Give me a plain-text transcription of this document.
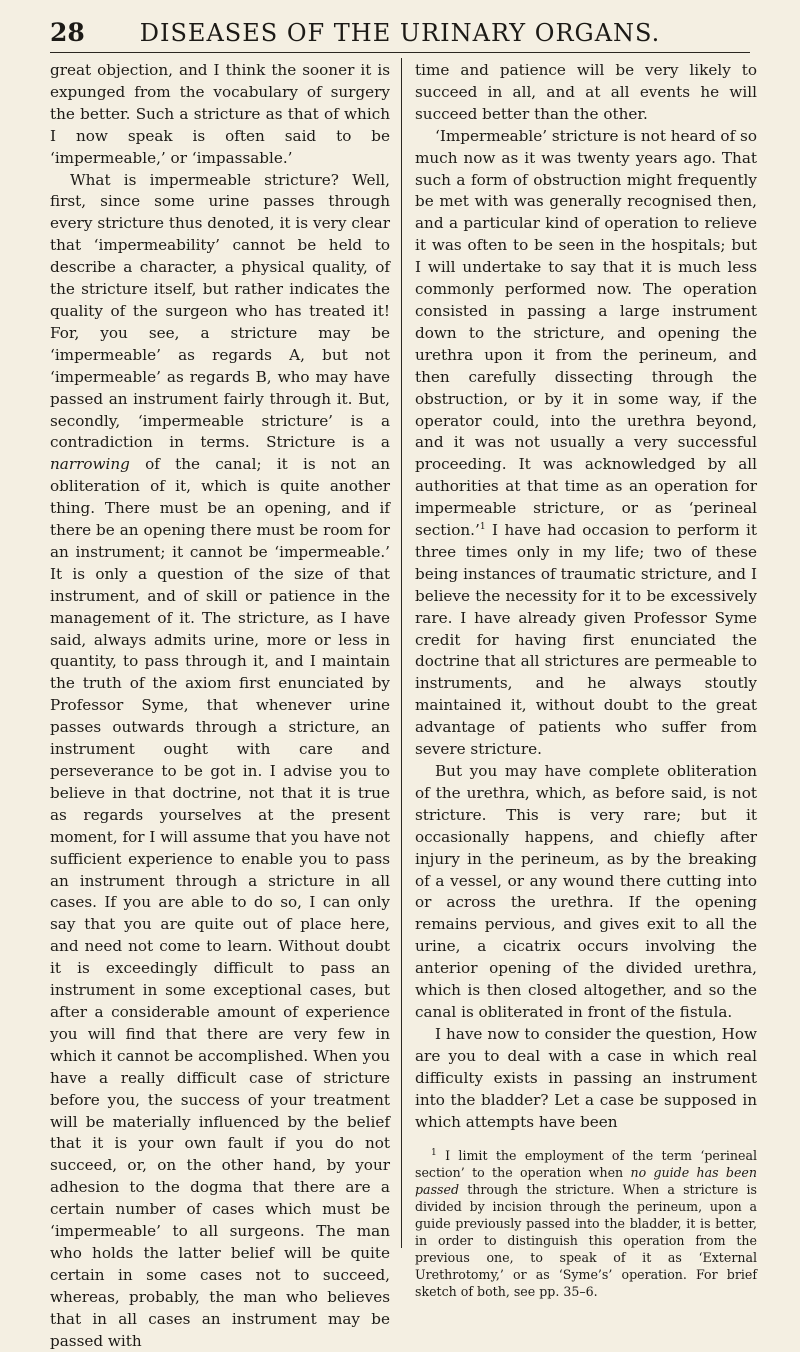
28	DISEASES OF THE URINARY ORGANS.

great objection, and I think the sooner it is expunged from the vocabulary of surgery the better. Such a stricture as that of which I now speak is often said to be ‘impermeable,’ or ‘impassable.’

What is impermeable stricture? Well, first, since some urine passes through every stricture thus denoted, it is very clear that ‘impermeability’ cannot be held to describe a character, a physical quality, of the stricture itself, but rather indicates the quality of the surgeon who has treated it! For, you see, a stricture may be ‘impermeable’ as regards A, but not ‘impermeable’ as regards B, who may have passed an instrument fairly through it. But, secondly, ‘impermeable stricture’ is a contradiction in terms. Stricture is a narrowing of the canal; it is not an obliteration of it, which is quite another thing. There must be an opening, and if there be an opening there must be room for an instrument; it cannot be ‘impermeable.’ It is only a question of the size of that instrument, and of skill or patience in the management of it. The stricture, as I have said, always admits urine, more or less in quantity, to pass through it, and I maintain the truth of the axiom first enunciated by Professor Syme, that whenever urine passes outwards through a stricture, an instrument ought with care and perseverance to be got in. I advise you to believe in that doctrine, not that it is true as regards yourselves at the present moment, for I will assume that you have not sufficient experience to enable you to pass an instrument through a stricture in all cases. If you are able to do so, I can only say that you are quite out of place here, and need not come to learn. Without doubt it is exceedingly difficult to pass an instrument in some exceptional cases, but after a considerable amount of experience you will find that there are very few in which it cannot be accomplished. When you have a really difficult case of stricture before you, the success of your treatment will be materially influenced by the belief that it is your own fault if you do not succeed, or, on the other hand, by your adhesion to the dogma that there are a certain number of cases which must be ‘impermeable’ to all surgeons. The man who holds the latter belief will be quite certain in some cases not to succeed, whereas, probably, the man who believes that in all cases an instrument may be passed with

time and patience will be very likely to succeed in all, and at all events he will succeed better than the other.

‘Impermeable’ stricture is not heard of so much now as it was twenty years ago. That such a form of obstruction might frequently be met with was generally recognised then, and a particular kind of operation to relieve it was often to be seen in the hospitals; but I will undertake to say that it is much less commonly performed now. The operation consisted in passing a large instrument down to the stricture, and opening the urethra upon it from the perineum, and then carefully dissecting through the obstruction, or by it in some way, if the operator could, into the urethra beyond, and it was not usually a very successful proceeding. It was acknowledged by all authorities at that time as an operation for impermeable stricture, or as ‘perineal section.’$^1$ I have had occasion to perform it three times only in my life; two of these being instances of traumatic stricture, and I believe the necessity for it to be excessively rare. I have already given Professor Syme credit for having first enunciated the doctrine that all strictures are permeable to instruments, and he always stoutly maintained it, without doubt to the great advantage of patients who suffer from severe stricture.

But you may have complete obliteration of the urethra, which, as before said, is not stricture. This is very rare; but it occasionally happens, and chiefly after injury in the perineum, as by the breaking of a vessel, or any wound there cutting into or across the urethra. If the opening remains pervious, and gives exit to all the urine, a cicatrix occurs involving the anterior opening of the divided urethra, which is then closed altogether, and so the canal is obliterated in front of the fistula.

I have now to consider the question, How are you to deal with a case in which real difficulty exists in passing an instrument into the bladder? Let a case be supposed in which attempts have been

$^1$ I limit the employment of the term ‘perineal section’ to the operation when no guide has been passed through the stricture. When a stricture is divided by incision through the perineum, upon a guide previously passed into the bladder, it is better, in order to distinguish this operation from the previous one, to speak of it as ‘External Urethrotomy,’ or as ‘Syme’s’ operation. For brief sketch of both, see pp. 35–6.
